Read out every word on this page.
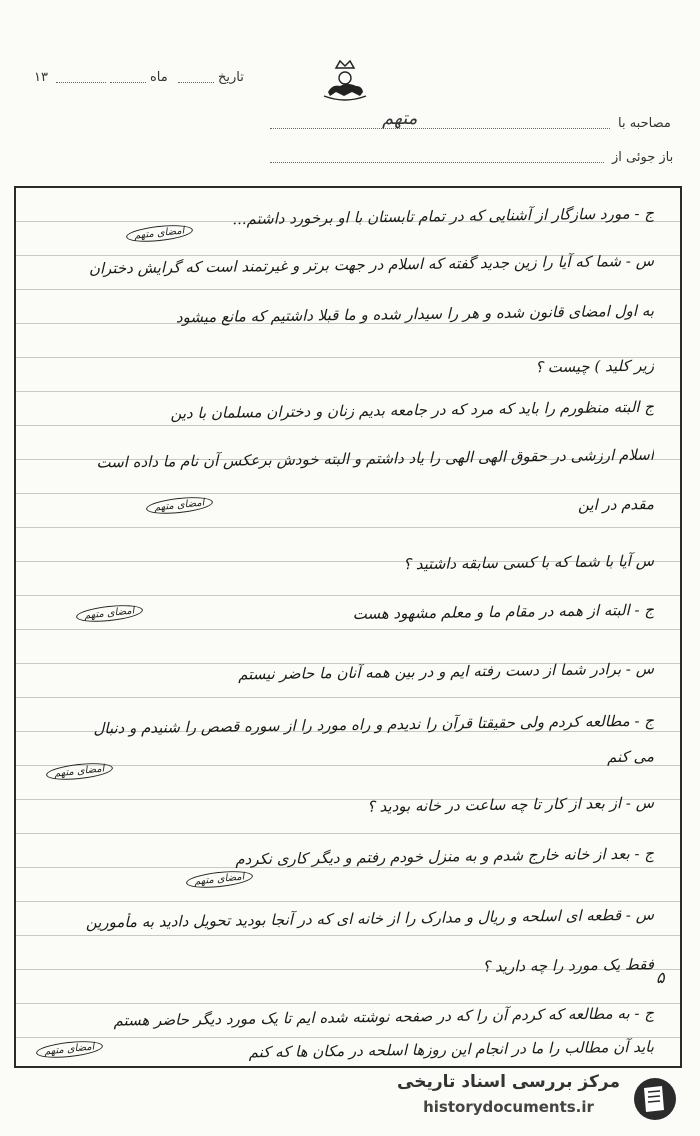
۱۳	ماه	تاریخ
مصاحبه با
متهم
باز جوئی از
ج - مورد سازگار از آشنایی که در تمام تابستان با او برخورد داشتم...
س - شما که آیا را زین جدید گفته که اسلام در جهت برتر و غیرتمند است که گرایش دختران
به اول امضای قانون شده و هر را سیدار شده و ما قبلا داشتیم که مانع میشود
زیر کلید ) چیست ؟
ج البته منظورم را باید که مرد که در جامعه بدیم زنان و دختران مسلمان با دین
اسلام ارزشی در حقوق الهی الهی را یاد داشتم و البته خودش برعکس آن نام ما داده است
مقدم در این
س آیا با شما که با کسی سابقه داشتید ؟
ج - البته از همه در مقام ما و معلم مشهود هست
س - برادر شما از دست رفته ایم و در بین همه آنان ما حاضر نیستم
ج - مطالعه کردم ولی حقیقتا قرآن را ندیدم و راه مورد را از سوره قصص را شنیدم و دنبال
می کنم
س - از بعد از کار تا چه ساعت در خانه بودید ؟
ج - بعد از خانه خارج شدم و به منزل خودم رفتم و دیگر کاری نکردم
س - قطعه ای اسلحه و ریال و مدارک را از خانه ای که در آنجا بودید تحویل دادید به مأمورین
فقط یک مورد را چه دارید ؟
ج - به مطالعه که کردم آن را که در صفحه نوشته شده ایم تا یک مورد دیگر حاضر هستم
باید آن مطالب را ما در انجام این روزها اسلحه در مکان ها که کنم
امضای متهم
امضای متهم
امضای متهم
امضای متهم
امضای متهم
امضای متهم
۵
مرکز بررسی اسناد تاریخی
historydocuments.ir
